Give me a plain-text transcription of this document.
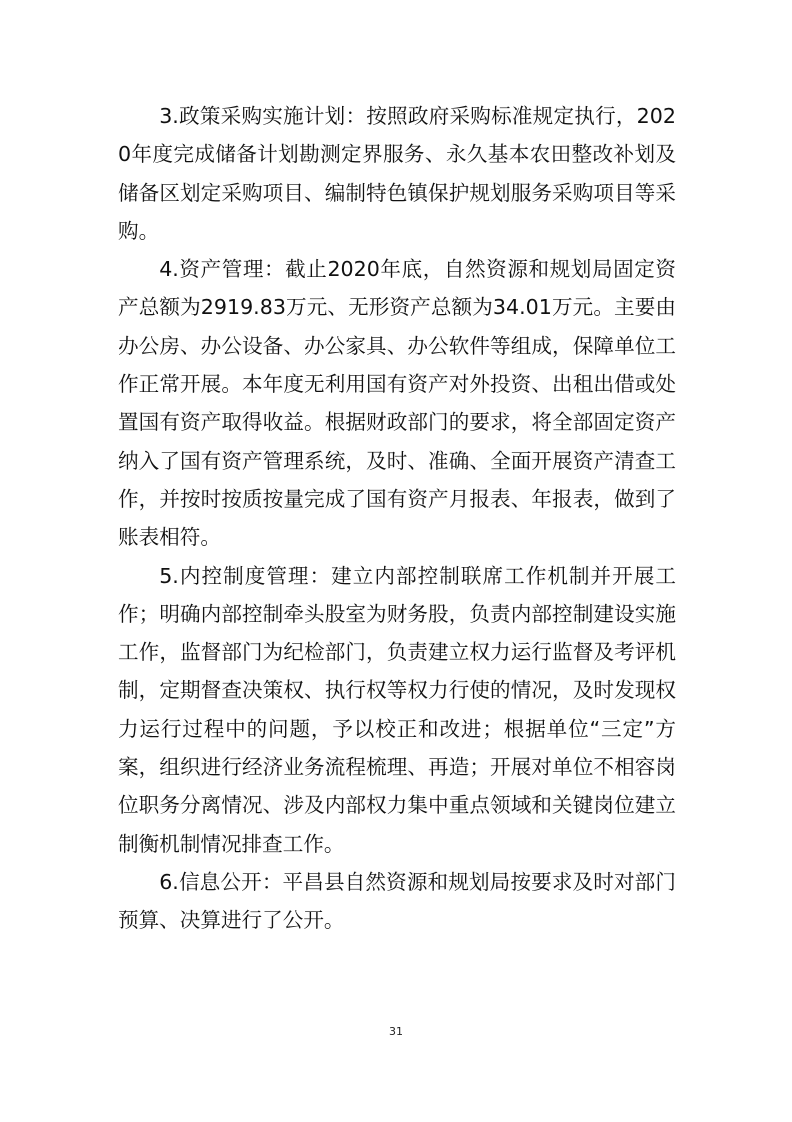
3.政策采购实施计划：按照政府采购标准规定执行，2020年度完成储备计划勘测定界服务、永久基本农田整改补划及储备区划定采购项目、编制特色镇保护规划服务采购项目等采购。

4.资产管理：截止2020年底，自然资源和规划局固定资产总额为2919.83万元、无形资产总额为34.01万元。主要由办公房、办公设备、办公家具、办公软件等组成，保障单位工作正常开展。本年度无利用国有资产对外投资、出租出借或处置国有资产取得收益。根据财政部门的要求，将全部固定资产纳入了国有资产管理系统，及时、准确、全面开展资产清查工作，并按时按质按量完成了国有资产月报表、年报表，做到了账表相符。

5.内控制度管理：建立内部控制联席工作机制并开展工作；明确内部控制牵头股室为财务股，负责内部控制建设实施工作，监督部门为纪检部门，负责建立权力运行监督及考评机制，定期督查决策权、执行权等权力行使的情况，及时发现权力运行过程中的问题，予以校正和改进；根据单位“三定”方案，组织进行经济业务流程梳理、再造；开展对单位不相容岗位职务分离情况、涉及内部权力集中重点领域和关键岗位建立制衡机制情况排查工作。

6.信息公开：平昌县自然资源和规划局按要求及时对部门预算、决算进行了公开。

31
